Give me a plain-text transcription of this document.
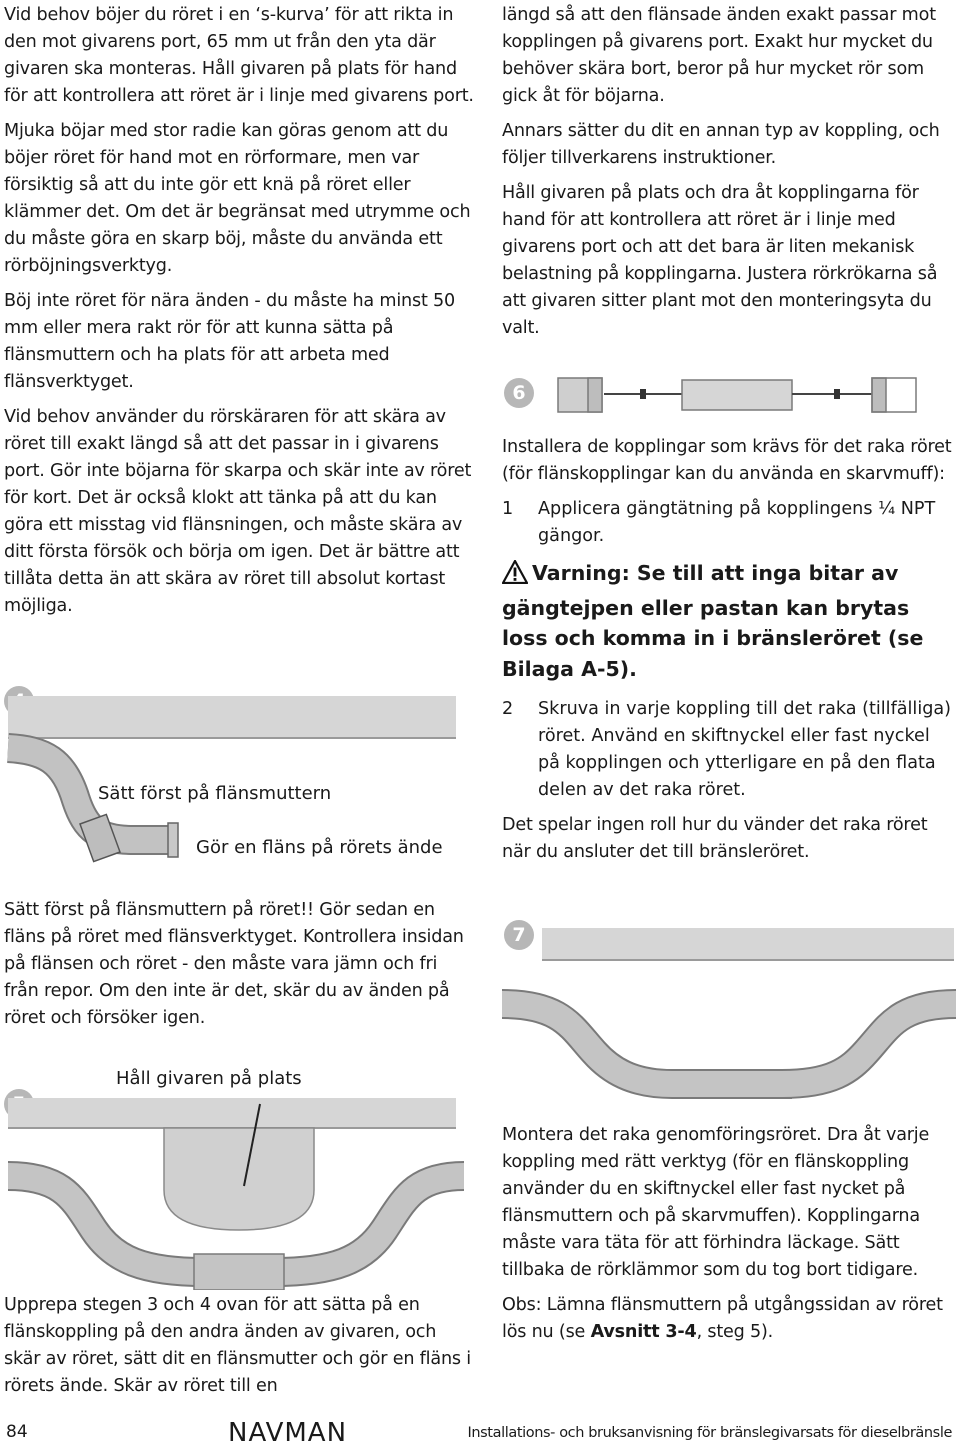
Vid behov böjer du röret i en ‘s-kurva’ för att rikta in den mot givarens port, 65 mm ut från den yta där givaren ska monteras. Håll givaren på plats för hand för att kontrollera att röret är i linje med givarens port.

Mjuka böjar med stor radie kan göras genom att du böjer röret för hand mot en rörformare, men var försiktig så att du inte gör ett knä på röret eller klämmer det. Om det är begränsat med utrymme och du måste göra en skarp böj, måste du använda ett rörböjningsverktyg.

Böj inte röret för nära änden - du måste ha minst 50 mm eller mera rakt rör för att kunna sätta på flänsmuttern och ha plats för att arbeta med flänsverktyget.

Vid behov använder du rörskäraren för att skära av röret till exakt längd så att det passar in i givarens port. Gör inte böjarna för skarpa och skär inte av röret för kort. Det är också klokt att tänka på att du kan göra ett misstag vid flänsningen, och måste skära av ditt första försök och börja om igen. Det är bättre att tillåta detta än att skära av röret till absolut kortast möjliga.

Sätt först på flänsmuttern
Gör en fläns på rörets ände

Sätt först på flänsmuttern på röret!! Gör sedan en fläns på röret med flänsverktyget. Kontrollera insidan på flänsen och röret - den måste vara jämn och fri från repor. Om den inte är det, skär du av änden på röret och försöker igen.

Håll givaren på plats

Upprepa stegen 3 och 4 ovan för att sätta på en flänskoppling på den andra änden av givaren, och skär av röret, sätt dit en flänsmutter och gör en fläns i rörets ände. Skär av röret till en

längd så att den flänsade änden exakt passar mot kopplingen på givarens port. Exakt hur mycket du behöver skära bort, beror på hur mycket rör som gick åt för böjarna.

Annars sätter du dit en annan typ av koppling, och följer tillverkarens instruktioner.

Håll givaren på plats och dra åt kopplingarna för hand för att kontrollera att röret är i linje med givarens port och att det bara är liten mekanisk belastning på kopplingarna. Justera rörkrökarna så att givaren sitter plant mot den monteringsyta du valt.

6

Installera de kopplingar som krävs för det raka röret (för flänskopplingar kan du använda en skarvmuff):

1	Applicera gängtätning på kopplingens ¼ NPT gängor.
Varning: Se till att inga bitar av gängtejpen eller pastan kan brytas loss och komma in i bränsleröret (se Bilaga A-5).
2	Skruva in varje koppling till det raka (tillfälliga) röret. Använd en skiftnyckel eller fast nyckel på kopplingen och ytterligare en på den flata delen av det raka röret.

Det spelar ingen roll hur du vänder det raka röret när du ansluter det till bränsleröret.

7

Montera det raka genomföringsröret. Dra åt varje koppling med rätt verktyg (för en flänskoppling använder du en skiftnyckel eller fast nycket på flänsmuttern och på skarvmuffen). Kopplingarna måste vara täta för att förhindra läckage. Sätt tillbaka de rörklämmor som du tog bort tidigare.

Obs: Lämna flänsmuttern på utgångssidan av röret lös nu (se Avsnitt 3-4, steg 5).

84	NAVMAN	Installations- och bruksanvisning för bränslegivarsats för dieselbränsle
